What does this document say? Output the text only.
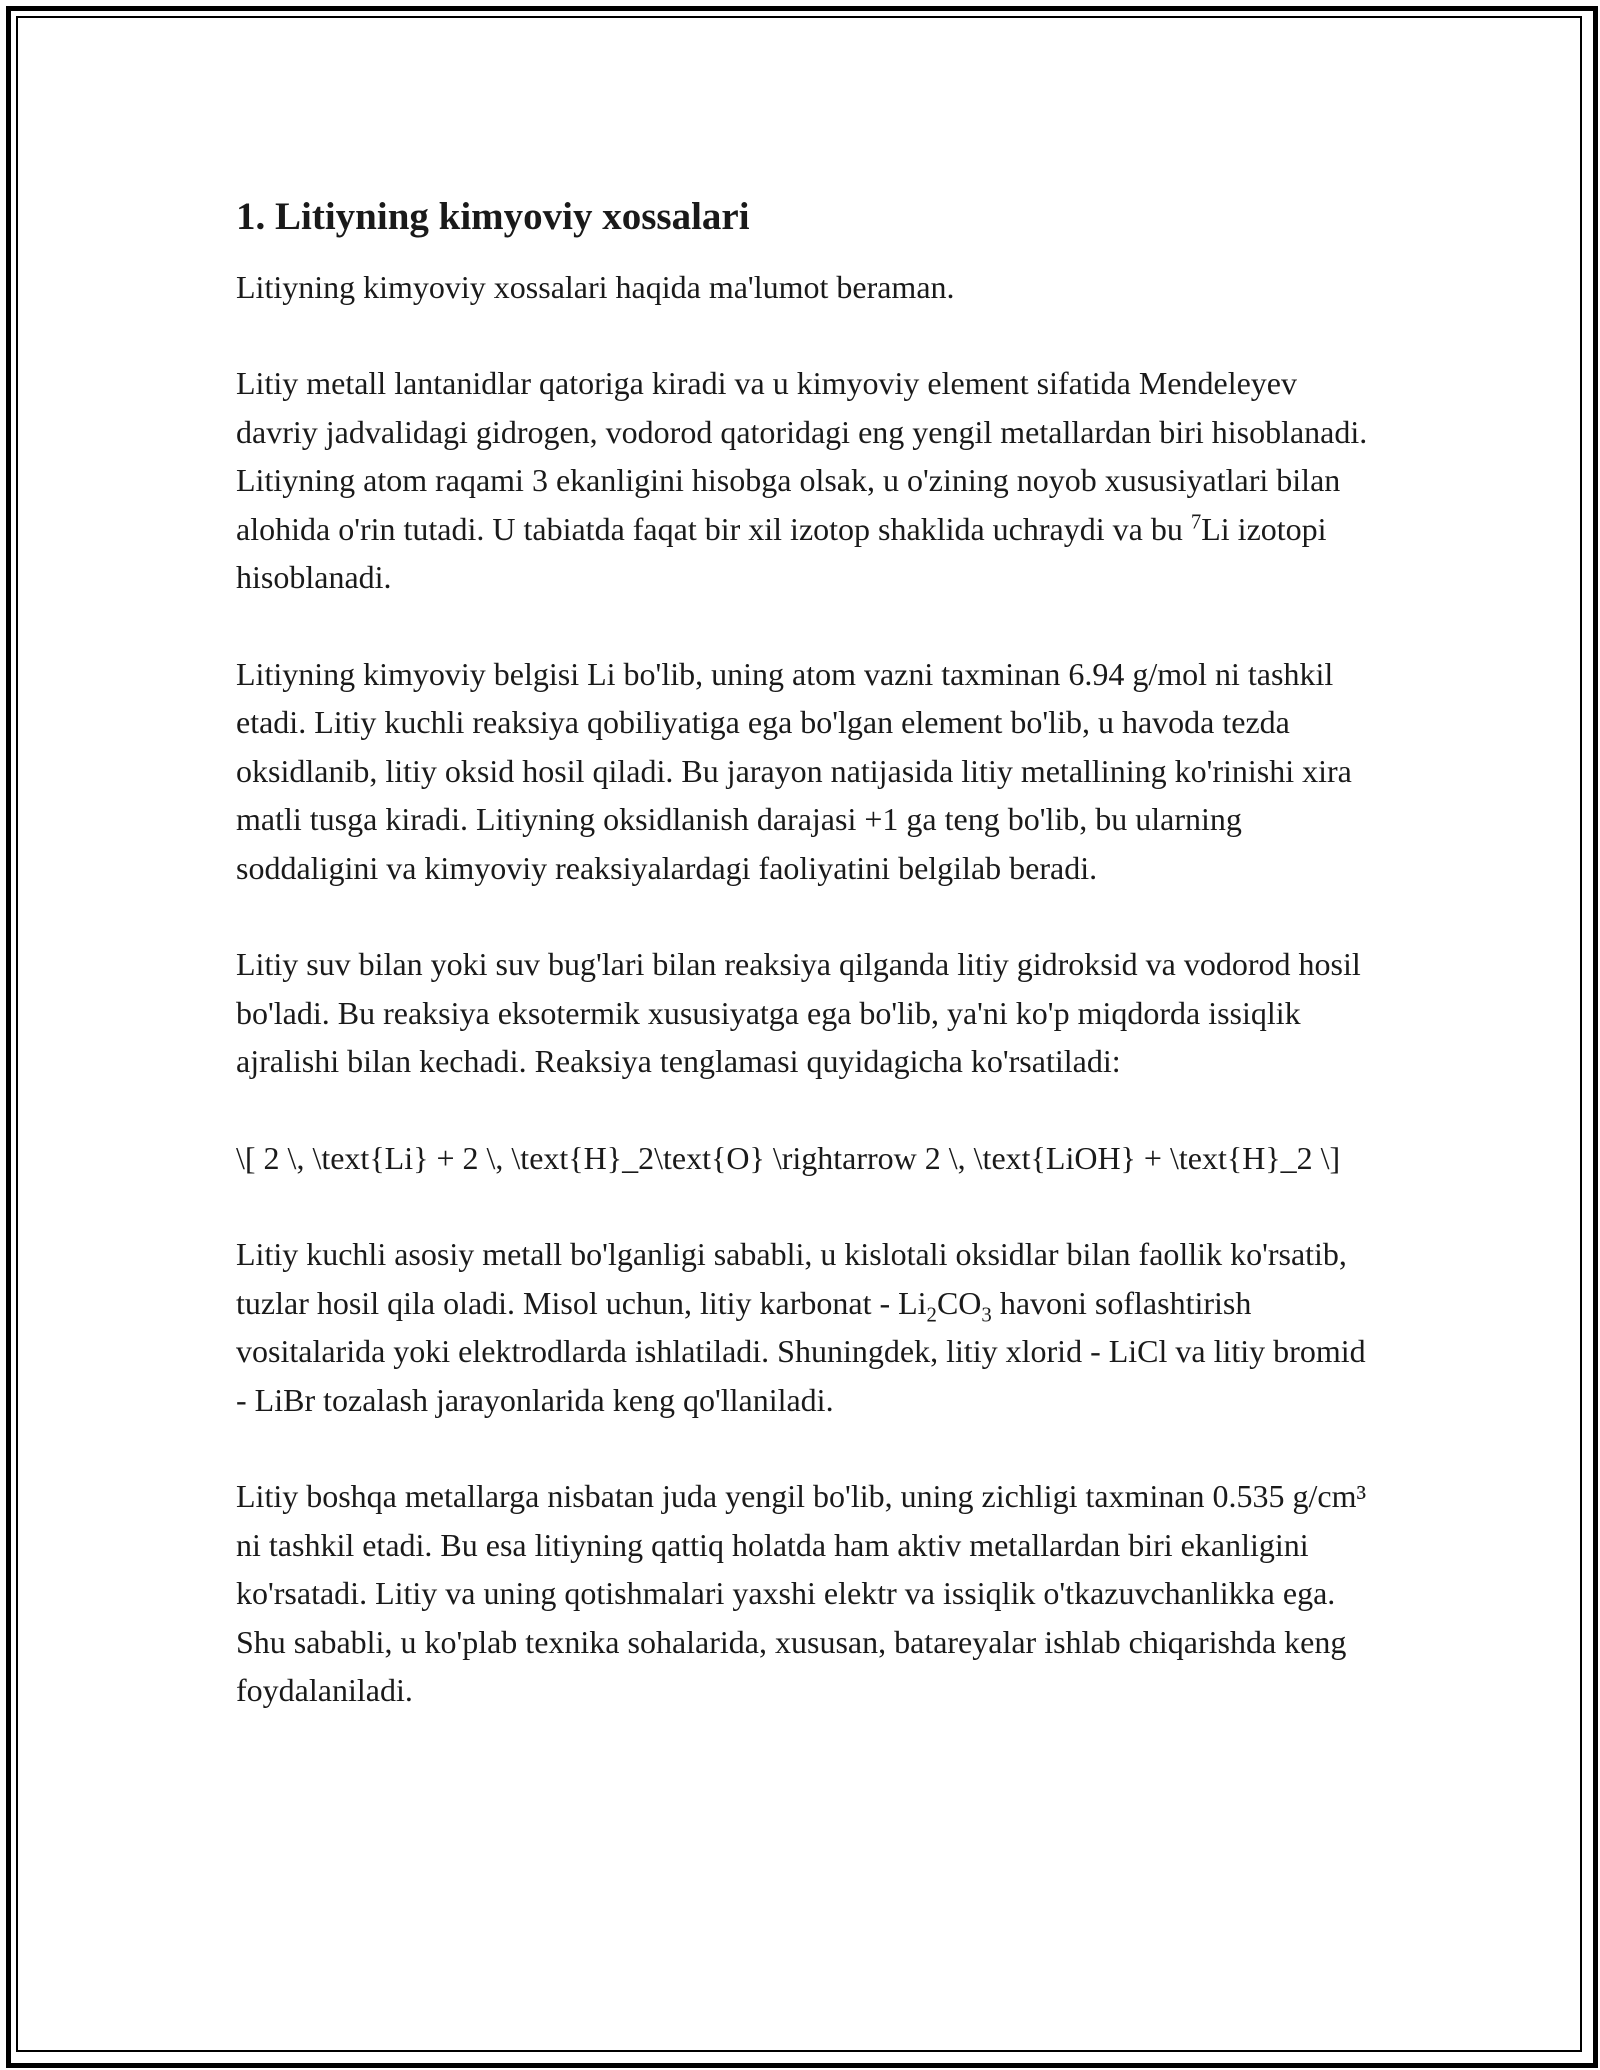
1. Litiyning kimyoviy xossalari

Litiyning kimyoviy xossalari haqida ma'lumot beraman.

Litiy metall lantanidlar qatoriga kiradi va u kimyoviy element sifatida Mendeleyev davriy jadvalidagi gidrogen, vodorod qatoridagi eng yengil metallardan biri hisoblanadi. Litiyning atom raqami 3 ekanligini hisobga olsak, u o'zining noyob xususiyatlari bilan alohida o'rin tutadi. U tabiatda faqat bir xil izotop shaklida uchraydi va bu $^7$Li izotopi hisoblanadi.

Litiyning kimyoviy belgisi Li bo'lib, uning atom vazni taxminan 6.94 g/mol ni tashkil etadi. Litiy kuchli reaksiya qobiliyatiga ega bo'lgan element bo'lib, u havoda tezda oksidlanib, litiy oksid hosil qiladi. Bu jarayon natijasida litiy metallining ko'rinishi xira matli tusga kiradi. Litiyning oksidlanish darajasi +1 ga teng bo'lib, bu ularning soddaligini va kimyoviy reaksiyalardagi faoliyatini belgilab beradi.

Litiy suv bilan yoki suv bug'lari bilan reaksiya qilganda litiy gidroksid va vodorod hosil bo'ladi. Bu reaksiya eksotermik xususiyatga ega bo'lib, ya'ni ko'p miqdorda issiqlik ajralishi bilan kechadi. Reaksiya tenglamasi quyidagicha ko'rsatiladi:

\[ 2 \, \text{Li} + 2 \, \text{H}_2\text{O} \rightarrow 2 \, \text{LiOH} + \text{H}_2 \]

Litiy kuchli asosiy metall bo'lganligi sababli, u kislotali oksidlar bilan faollik ko'rsatib, tuzlar hosil qila oladi. Misol uchun, litiy karbonat - $Li_2CO_3$ havoni soflashtirish vositalarida yoki elektrodlarda ishlatiladi. Shuningdek, litiy xlorid - LiCl va litiy bromid - LiBr tozalash jarayonlarida keng qo'llaniladi.

Litiy boshqa metallarga nisbatan juda yengil bo'lib, uning zichligi taxminan 0.535 g/cm³ ni tashkil etadi. Bu esa litiyning qattiq holatda ham aktiv metallardan biri ekanligini ko'rsatadi. Litiy va uning qotishmalari yaxshi elektr va issiqlik o'tkazuvchanlikka ega. Shu sababli, u ko'plab texnika sohalarida, xususan, batareyalar ishlab chiqarishda keng foydalaniladi.
